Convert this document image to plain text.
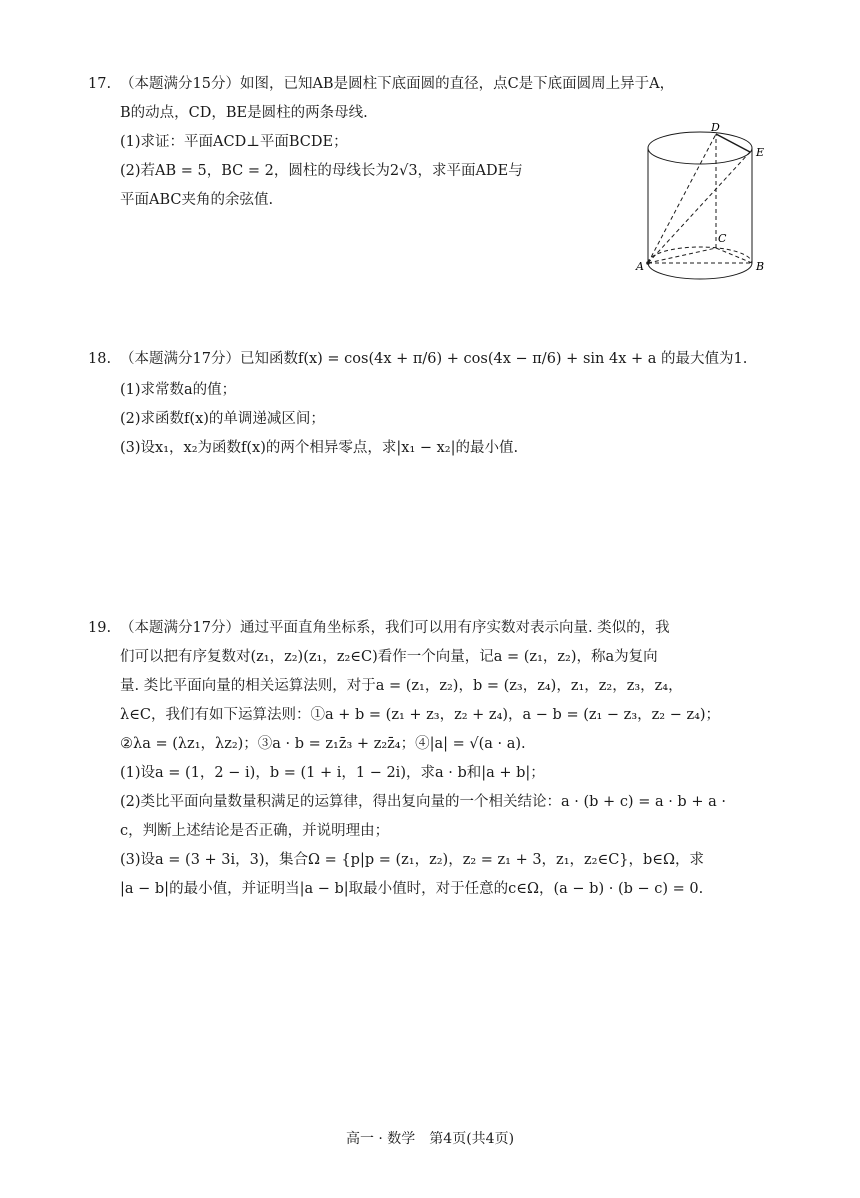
17. （本题满分15分）如图，已知AB是圆柱下底面圆的直径，点C是下底面圆周上异于A，
B的动点，CD，BE是圆柱的两条母线.
(1)求证：平面ACD⊥平面BCDE；
(2)若AB = 5，BC = 2，圆柱的母线长为2√3，求平面ADE与
平面ABC夹角的余弦值.
D
E
C
A	B
18. （本题满分17分）已知函数f(x) = cos(4x + π/6) + cos(4x − π/6) + sin 4x + a 的最大值为1.
(1)求常数a的值；
(2)求函数f(x)的单调递减区间；
(3)设x₁，x₂为函数f(x)的两个相异零点，求|x₁ − x₂|的最小值.
19. （本题满分17分）通过平面直角坐标系，我们可以用有序实数对表示向量. 类似的，我
们可以把有序复数对(z₁，z₂)(z₁，z₂∈C)看作一个向量，记a = (z₁，z₂)，称a为复向
量. 类比平面向量的相关运算法则，对于a = (z₁，z₂)，b = (z₃，z₄)，z₁，z₂，z₃，z₄，
λ∈C，我们有如下运算法则：①a + b = (z₁ + z₃，z₂ + z₄)，a − b = (z₁ − z₃，z₂ − z₄)；
②λa = (λz₁，λz₂)；③a · b = z₁z̄₃ + z₂z̄₄；④|a| = √(a · a).
(1)设a = (1，2 − i)，b = (1 + i，1 − 2i)，求a · b和|a + b|；
(2)类比平面向量数量积满足的运算律，得出复向量的一个相关结论：a · (b + c) = a · b + a ·
c，判断上述结论是否正确，并说明理由；
(3)设a = (3 + 3i，3)，集合Ω = {p|p = (z₁，z₂)，z₂ = z₁ + 3，z₁，z₂∈C}，b∈Ω，求
|a − b|的最小值，并证明当|a − b|取最小值时，对于任意的c∈Ω，(a − b) · (b − c) = 0.
高一 · 数学　第4页(共4页)
